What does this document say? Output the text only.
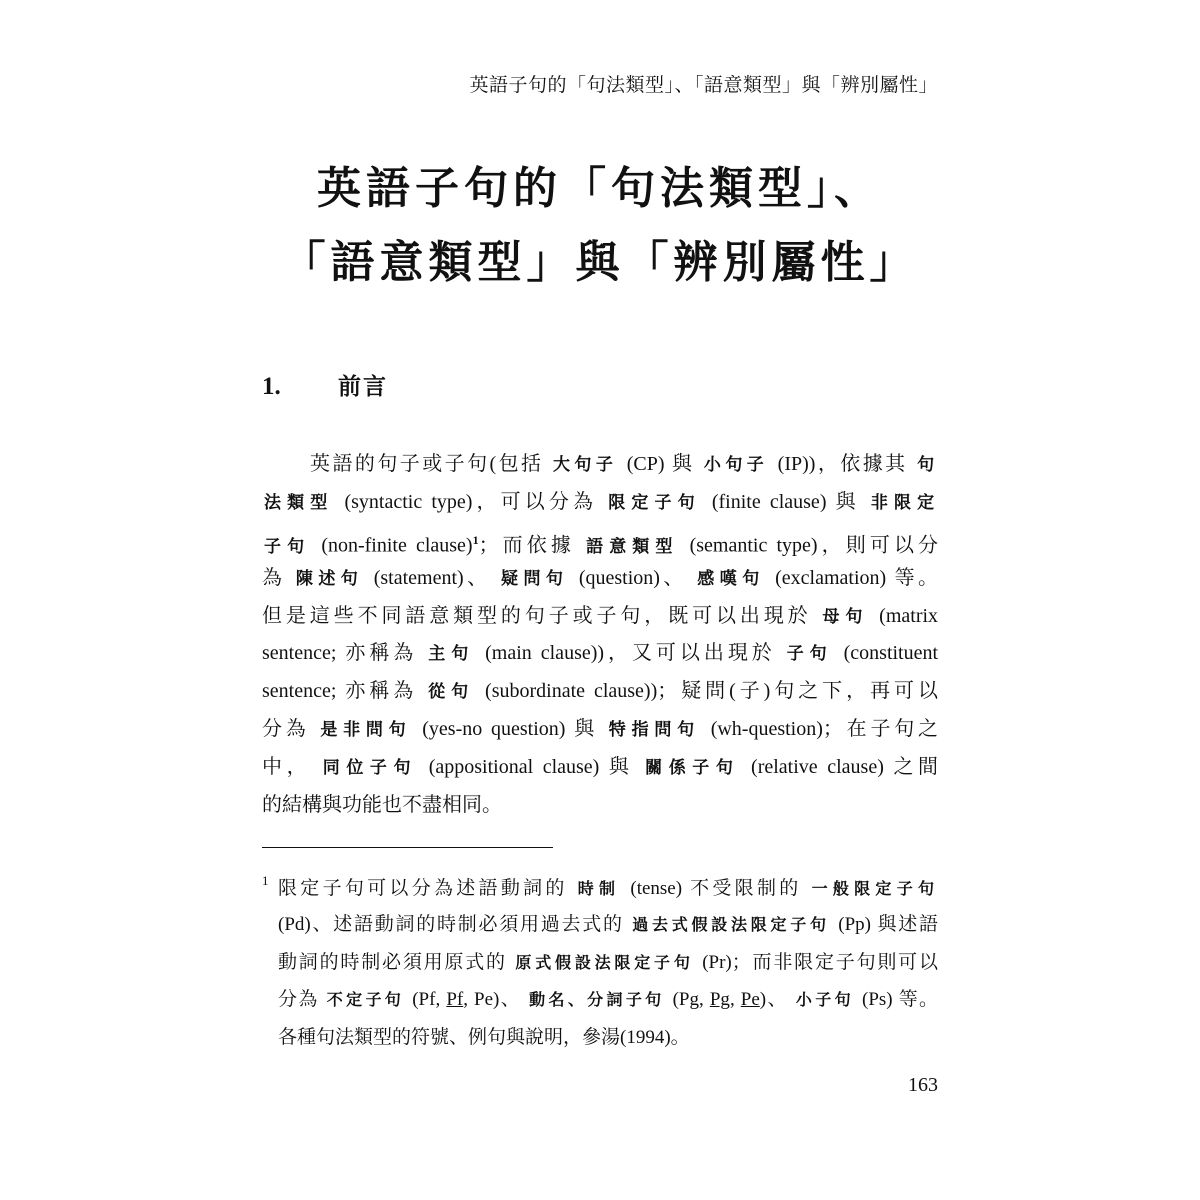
英語子句的「句法類型」、「語意類型」與「辨別屬性」
英語子句的「句法類型」、
「語意類型」與「辨別屬性」
1. 前言
英語的句子或子句(包括 大句子 (CP) 與 小句子 (IP))，依據其 句
法類型 (syntactic type)，可以分為 限定子句 (finite clause) 與 非限定
子句 (non-finite clause)$^1$；而依據 語意類型 (semantic type)，則可以分
為 陳述句 (statement)、 疑問句 (question)、 感嘆句 (exclamation) 等。
但是這些不同語意類型的句子或子句，既可以出現於 母句 (matrix
sentence; 亦稱為 主句 (main clause))，又可以出現於 子句 (constituent
sentence; 亦稱為 從句 (subordinate clause))；疑問(子)句之下，再可以
分為 是非問句 (yes-no question) 與 特指問句 (wh-question)；在子句之
中， 同位子句 (appositional clause) 與 關係子句 (relative clause) 之間
的結構與功能也不盡相同。
1 限定子句可以分為述語動詞的 時制 (tense) 不受限制的 一般限定子句
(Pd)、述語動詞的時制必須用過去式的 過去式假設法限定子句 (Pp) 與述語
動詞的時制必須用原式的 原式假設法限定子句 (Pr)；而非限定子句則可以
分為 不定子句 (Pf, Pf, Pe)、 動名、分詞子句 (Pg, Pg, Pe)、 小子句 (Ps) 等。
各種句法類型的符號、例句與說明，參湯(1994)。
163
